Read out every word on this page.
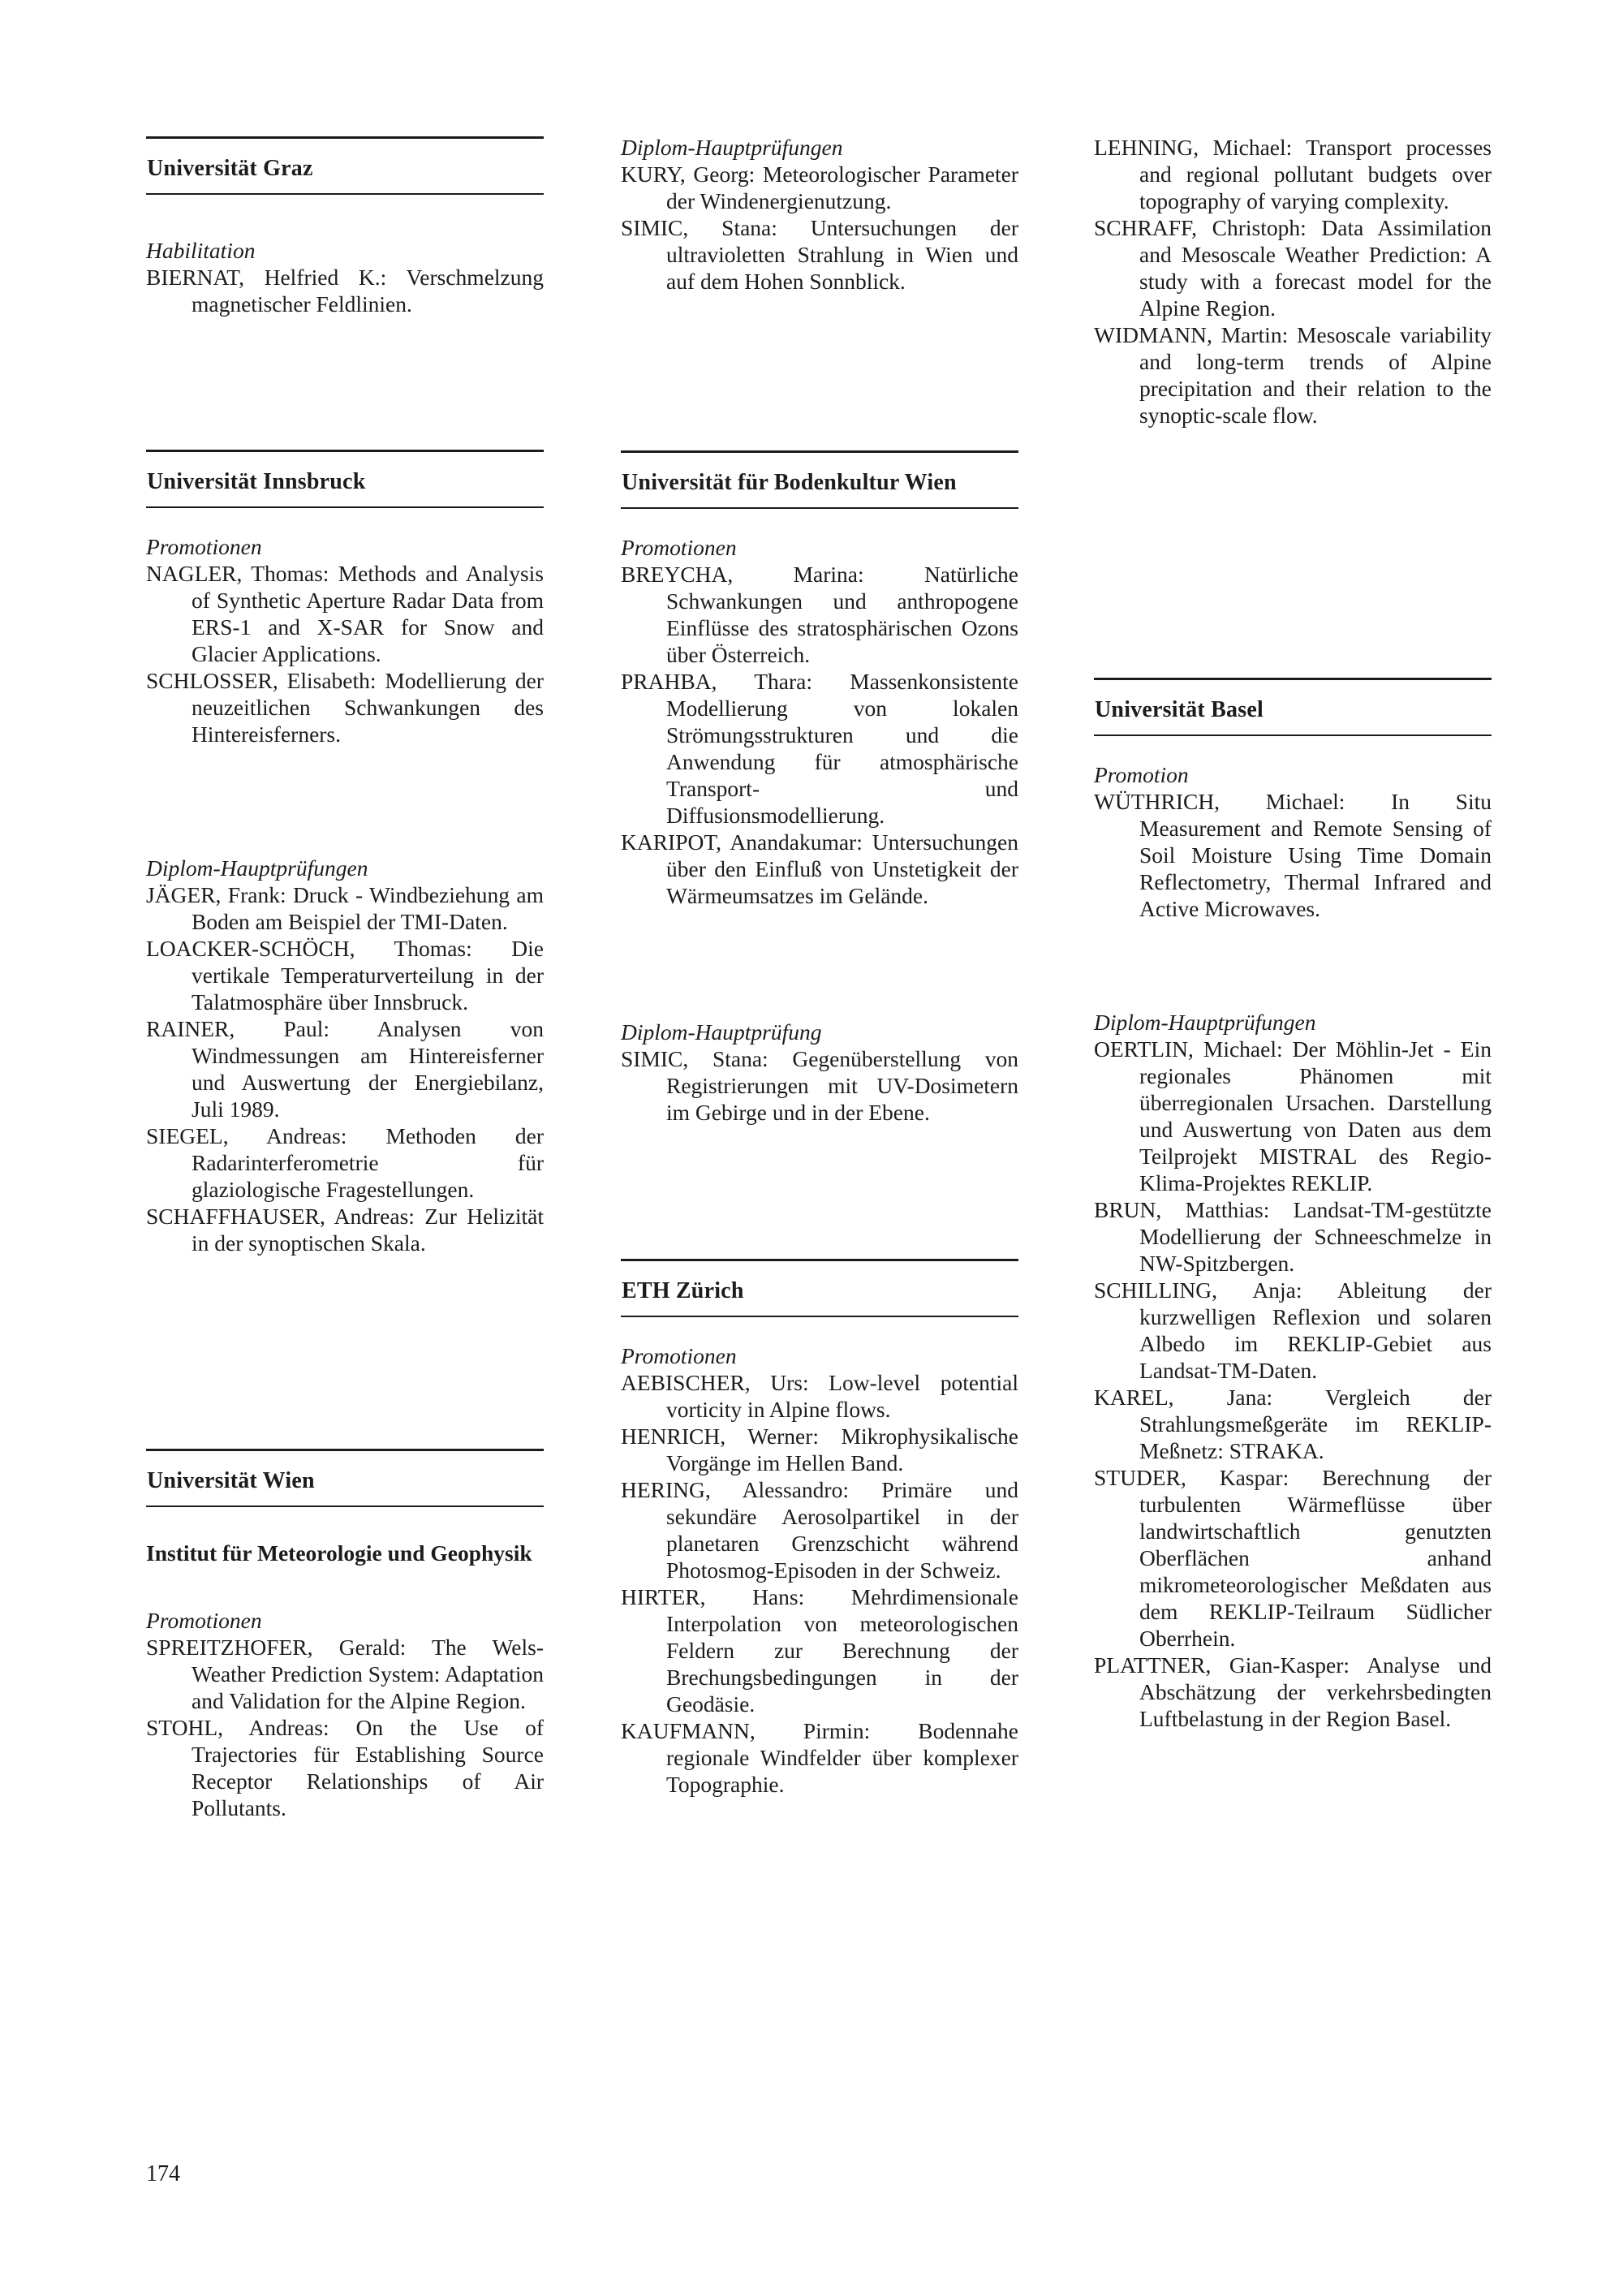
Universität Graz
Habilitation
BIERNAT, Helfried K.: Verschmelzung magnetischer Feldlinien.
Universität Innsbruck
Promotionen
NAGLER, Thomas: Methods and Analysis of Synthetic Aperture Radar Data from ERS-1 and X-SAR for Snow and Glacier Applications.
SCHLOSSER, Elisabeth: Modellierung der neuzeitlichen Schwankungen des Hintereisferners.
Diplom-Hauptprüfungen
JÄGER, Frank: Druck - Windbeziehung am Boden am Beispiel der TMI-Daten.
LOACKER-SCHÖCH, Thomas: Die vertikale Temperaturverteilung in der Talatmosphäre über Innsbruck.
RAINER, Paul: Analysen von Windmessungen am Hintereisferner und Auswertung der Energiebilanz, Juli 1989.
SIEGEL, Andreas: Methoden der Radarinterferometrie für glaziologische Fragestellungen.
SCHAFFHAUSER, Andreas: Zur Helizität in der synoptischen Skala.
Universität Wien
Institut für Meteorologie und Geophysik
Promotionen
SPREITZHOFER, Gerald: The Wels-Weather Prediction System: Adaptation and Validation for the Alpine Region.
STOHL, Andreas: On the Use of Trajectories für Establishing Source Receptor Relationships of Air Pollutants.
Diplom-Hauptprüfungen
KURY, Georg: Meteorologischer Parameter der Windenergienutzung.
SIMIC, Stana: Untersuchungen der ultravioletten Strahlung in Wien und auf dem Hohen Sonnblick.
Universität für Bodenkultur Wien
Promotionen
BREYCHA, Marina: Natürliche Schwankungen und anthropogene Einflüsse des stratosphärischen Ozons über Österreich.
PRAHBA, Thara: Massenkonsistente Modellierung von lokalen Strömungsstrukturen und die Anwendung für atmosphärische Transport- und Diffusionsmodellierung.
KARIPOT, Anandakumar: Untersuchungen über den Einfluß von Unstetigkeit der Wärmeumsatzes im Gelände.
Diplom-Hauptprüfung
SIMIC, Stana: Gegenüberstellung von Registrierungen mit UV-Dosimetern im Gebirge und in der Ebene.
ETH Zürich
Promotionen
AEBISCHER, Urs: Low-level potential vorticity in Alpine flows.
HENRICH, Werner: Mikrophysikalische Vorgänge im Hellen Band.
HERING, Alessandro: Primäre und sekundäre Aerosolpartikel in der planetaren Grenzschicht während Photosmog-Episoden in der Schweiz.
HIRTER, Hans: Mehrdimensionale Interpolation von meteorologischen Feldern zur Berechnung der Brechungsbedingungen in der Geodäsie.
KAUFMANN, Pirmin: Bodennahe regionale Windfelder über komplexer Topographie.
LEHNING, Michael: Transport processes and regional pollutant budgets over topography of varying complexity.
SCHRAFF, Christoph: Data Assimilation and Mesoscale Weather Prediction: A study with a forecast model for the Alpine Region.
WIDMANN, Martin: Mesoscale variability and long-term trends of Alpine precipitation and their relation to the synoptic-scale flow.
Universität Basel
Promotion
WÜTHRICH, Michael: In Situ Measurement and Remote Sensing of Soil Moisture Using Time Domain Reflectometry, Thermal Infrared and Active Microwaves.
Diplom-Hauptprüfungen
OERTLIN, Michael: Der Möhlin-Jet - Ein regionales Phänomen mit überregionalen Ursachen. Darstellung und Auswertung von Daten aus dem Teilprojekt MISTRAL des Regio-Klima-Projektes REKLIP.
BRUN, Matthias: Landsat-TM-gestützte Modellierung der Schneeschmelze in NW-Spitzbergen.
SCHILLING, Anja: Ableitung der kurzwelligen Reflexion und solaren Albedo im REKLIP-Gebiet aus Landsat-TM-Daten.
KAREL, Jana: Vergleich der Strahlungsmeßgeräte im REKLIP-Meßnetz: STRAKA.
STUDER, Kaspar: Berechnung der turbulenten Wärmeflüsse über landwirtschaftlich genutzten Oberflächen anhand mikrometeorologischer Meßdaten aus dem REKLIP-Teilraum Südlicher Oberrhein.
PLATTNER, Gian-Kasper: Analyse und Abschätzung der verkehrsbedingten Luftbelastung in der Region Basel.
174
